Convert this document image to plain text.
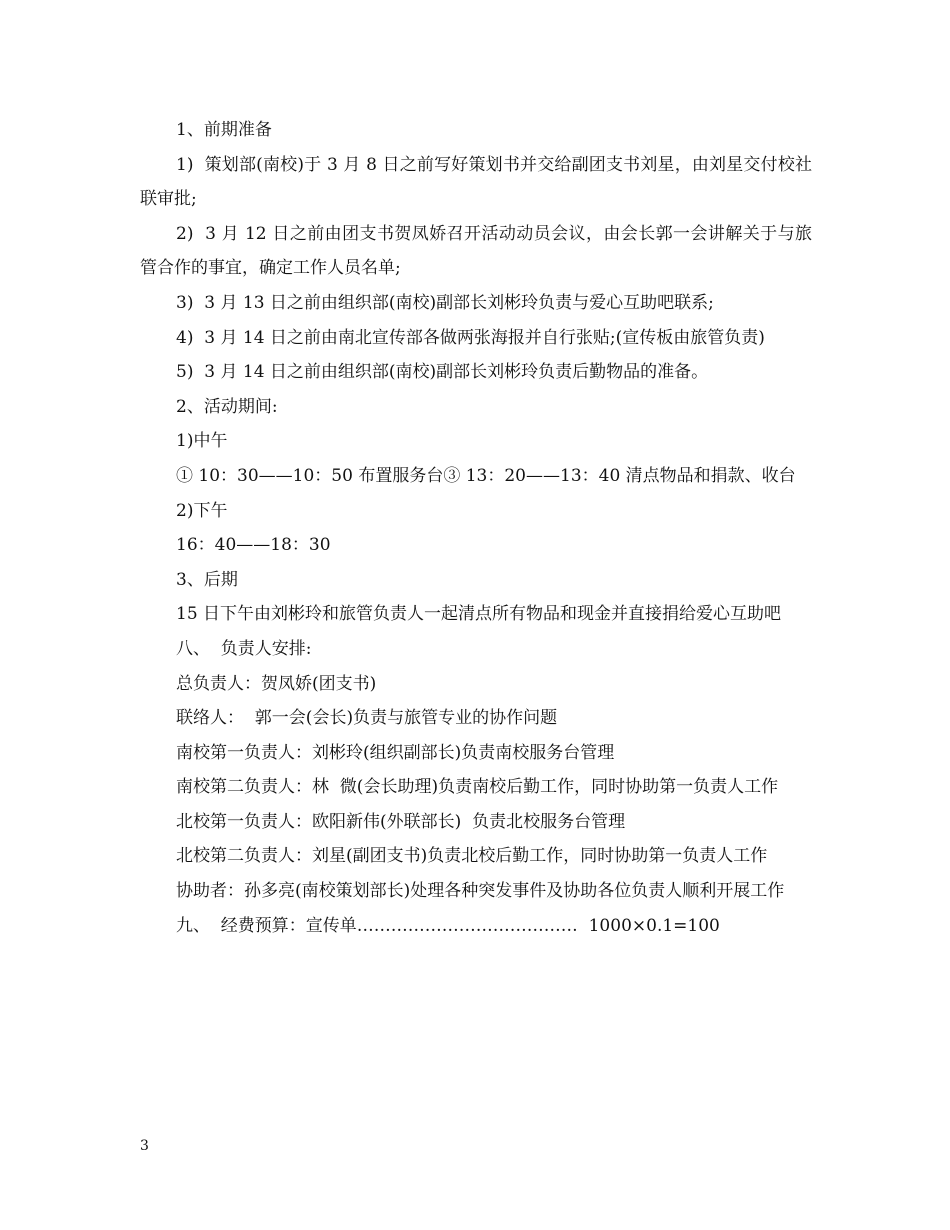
1、前期准备

1)  策划部(南校)于 3 月 8 日之前写好策划书并交给副团支书刘星，由刘星交付校社联审批;

2)  3 月 12 日之前由团支书贺凤娇召开活动动员会议，由会长郭一会讲解关于与旅管合作的事宜，确定工作人员名单;

3)  3 月 13 日之前由组织部(南校)副部长刘彬玲负责与爱心互助吧联系;

4)  3 月 14 日之前由南北宣传部各做两张海报并自行张贴;(宣传板由旅管负责)

5)  3 月 14 日之前由组织部(南校)副部长刘彬玲负责后勤物品的准备。

2、活动期间:

1)中午

① 10：30——10：50 布置服务台③ 13：20——13：40 清点物品和捐款、收台

2)下午

16：40——18：30

3、后期

15 日下午由刘彬玲和旅管负责人一起清点所有物品和现金并直接捐给爱心互助吧

八、  负责人安排:

总负责人：贺凤娇(团支书)

联络人：  郭一会(会长)负责与旅管专业的协作问题

南校第一负责人：刘彬玲(组织副部长)负责南校服务台管理

南校第二负责人：林  微(会长助理)负责南校后勤工作，同时协助第一负责人工作

北校第一负责人：欧阳新伟(外联部长)  负责北校服务台管理

北校第二负责人：刘星(副团支书)负责北校后勤工作，同时协助第一负责人工作

协助者：孙多亮(南校策划部长)处理各种突发事件及协助各位负责人顺利开展工作

九、  经费预算：宣传单…………………………………  1000×0.1=100

3
